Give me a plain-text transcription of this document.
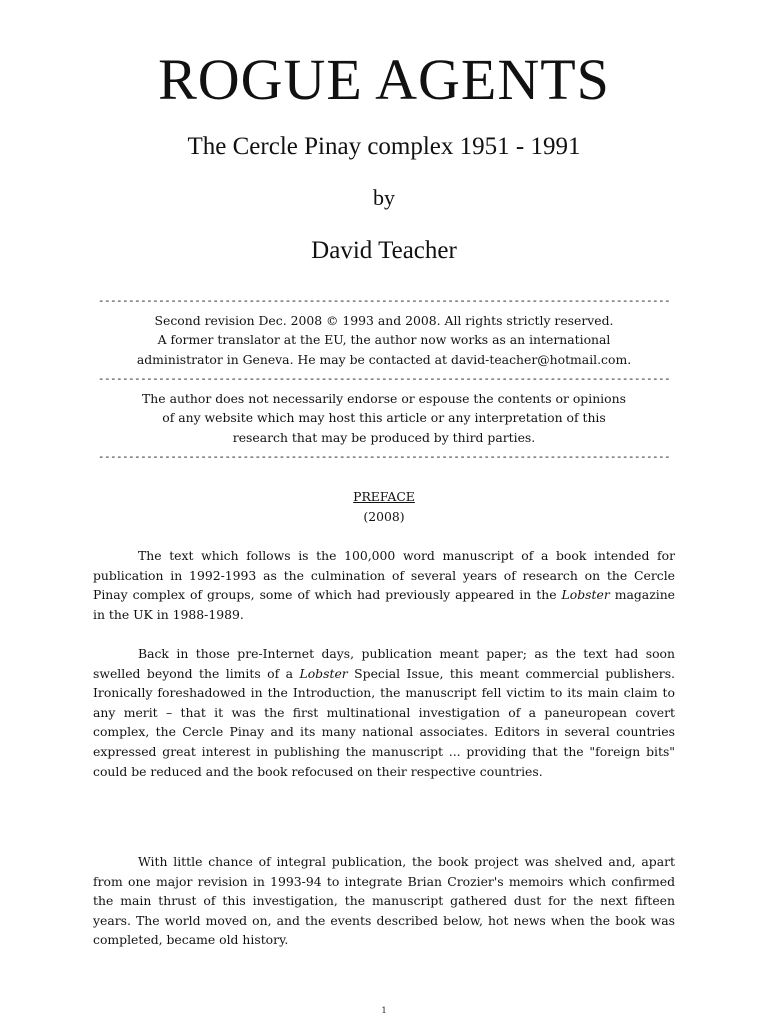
ROGUE AGENTS
The Cercle Pinay complex 1951 - 1991
by
David Teacher
-----------------------------------------------------------------------------------------------
Second revision Dec. 2008 © 1993 and 2008. All rights strictly reserved.
A former translator at the EU, the author now works as an international
administrator in Geneva. He may be contacted at david-teacher@hotmail.com.
-----------------------------------------------------------------------------------------------
The author does not necessarily endorse or espouse the contents or opinions
of any website which may host this article or any interpretation of this
research that may be produced by third parties.
-----------------------------------------------------------------------------------------------
PREFACE
(2008)

The text which follows is the 100,000 word manuscript of a book intended for publication in 1992-1993 as the culmination of several years of research on the Cercle Pinay complex of groups, some of which had previously appeared in the Lobster magazine in the UK in 1988-1989.

Back in those pre-Internet days, publication meant paper; as the text had soon swelled beyond the limits of a Lobster Special Issue, this meant commercial publishers. Ironically foreshadowed in the Introduction, the manuscript fell victim to its main claim to any merit – that it was the first multinational investigation of a paneuropean covert complex, the Cercle Pinay and its many national associates. Editors in several countries expressed great interest in publishing the manuscript ... providing that the "foreign bits" could be reduced and the book refocused on their respective countries.

With little chance of integral publication, the book project was shelved and, apart from one major revision in 1993-94 to integrate Brian Crozier's memoirs which confirmed the main thrust of this investigation, the manuscript gathered dust for the next fifteen years. The world moved on, and the events described below, hot news when the book was completed, became old history.

1
